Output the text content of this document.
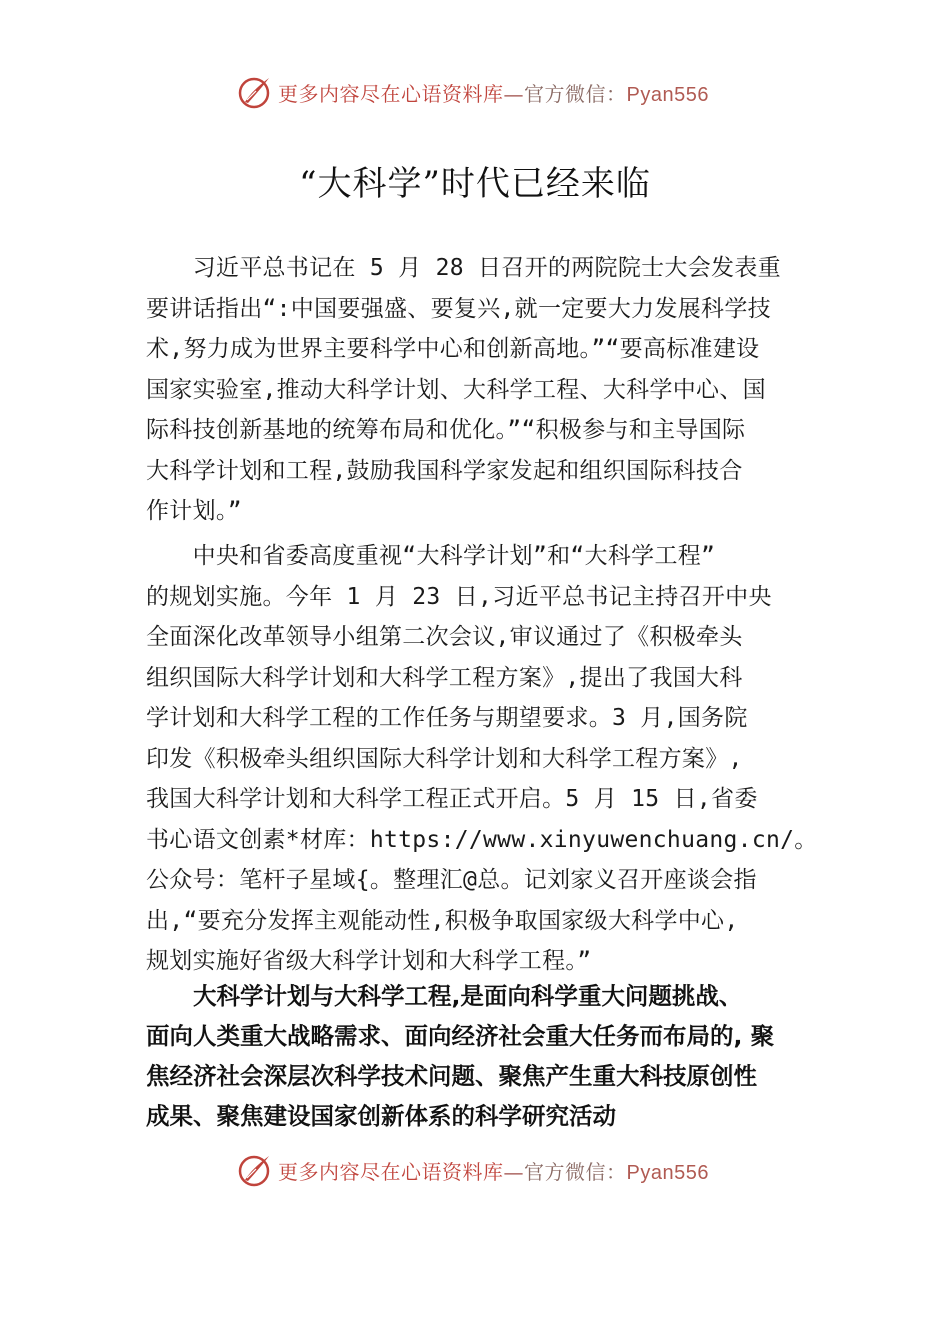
更多内容尽在心语资料库—官方微信：Pyan556
“大科学”时代已经来临
　　习近平总书记在 5 月 28 日召开的两院院士大会发表重
要讲话指出“:中国要强盛、要复兴,就一定要大力发展科学技
术,努力成为世界主要科学中心和创新高地。”“要高标准建设
国家实验室,推动大科学计划、大科学工程、大科学中心、国
际科技创新基地的统筹布局和优化。”“积极参与和主导国际
大科学计划和工程,鼓励我国科学家发起和组织国际科技合
作计划。”
　　中央和省委高度重视“大科学计划”和“大科学工程”
的规划实施。今年 1 月 23 日,习近平总书记主持召开中央
全面深化改革领导小组第二次会议,审议通过了《积极牵头
组织国际大科学计划和大科学工程方案》,提出了我国大科
学计划和大科学工程的工作任务与期望要求。3 月,国务院
印发《积极牵头组织国际大科学计划和大科学工程方案》,
我国大科学计划和大科学工程正式开启。5 月 15 日,省委
书心语文创素*材库：https://www.xinyuwenchuang.cn/。
公众号：笔杆子星域{。整理汇@总。记刘家义召开座谈会指
出,“要充分发挥主观能动性,积极争取国家级大科学中心,
规划实施好省级大科学计划和大科学工程。”
　　大科学计划与大科学工程,是面向科学重大问题挑战、
面向人类重大战略需求、面向经济社会重大任务而布局的, 聚
焦经济社会深层次科学技术问题、聚焦产生重大科技原创性
成果、聚焦建设国家创新体系的科学研究活动
更多内容尽在心语资料库—官方微信：Pyan556
